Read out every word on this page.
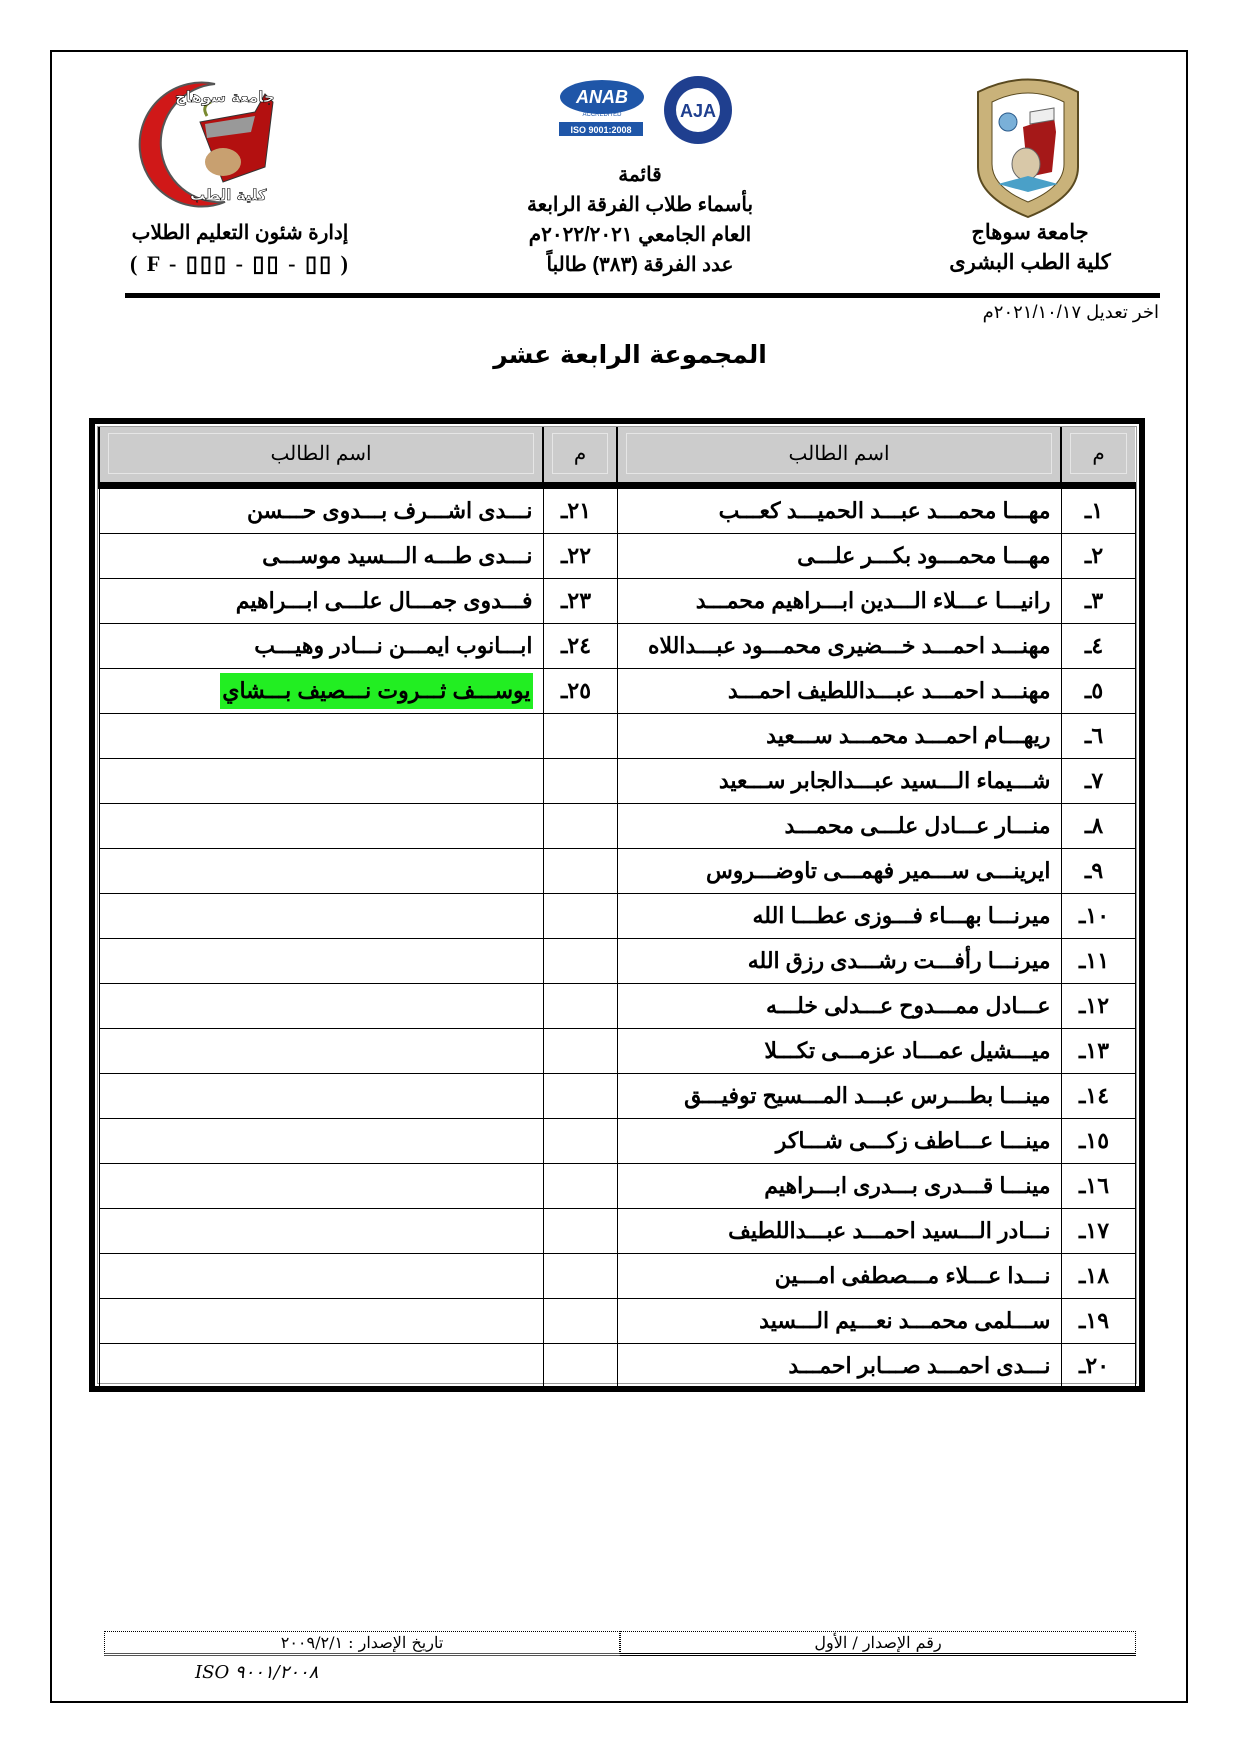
جامعة سوهاج
كلية الطب
ANAB
ACCREDITED
ISO 9001:2008
AJA
إدارة شئون التعليم الطلاب
( F - ▯▯▯ - ▯▯ - ▯▯ )
قائمة
بأسماء طلاب الفرقة الرابعة
العام الجامعي ٢٠٢٢/٢٠٢١م
عدد الفرقة (٣٨٣) طالباً
جامعة سوهاج
كلية الطب البشرى
اخر تعديل ٢٠٢١/١٠/١٧م
المجموعة الرابعة عشر
م	اسم الطالب	م	اسم الطالب

١ـ	مهـــا محمـــد عبـــد الحميـــد كعـــب	٢١ـ	نـــدى اشـــرف بـــدوى حـــسن
٢ـ	مهـــا محمـــود بكـــر علـــى	٢٢ـ	نـــدى طـــه الـــسيد موســـى
٣ـ	رانيـــا عـــلاء الـــدين ابـــراهيم محمـــد	٢٣ـ	فـــدوى جمـــال علـــى ابـــراهيم
٤ـ	مهنـــد احمـــد خـــضيرى محمـــود عبـــداللاه	٢٤ـ	ابـــانوب ايمـــن نـــادر وهيـــب
٥ـ	مهنـــد احمـــد عبـــداللطيف احمـــد	٢٥ـ	يوســـف ثـــروت نـــصيف بـــشاي
٦ـ	ريهـــام احمـــد محمـــد ســـعيد		
٧ـ	شـــيماء الـــسيد عبـــدالجابر ســـعيد		
٨ـ	منـــار عـــادل علـــى محمـــد		
٩ـ	ايرينـــى ســـمير فهمـــى تاوضـــروس		
١٠ـ	ميرنـــا بهـــاء فـــوزى عطـــا الله		
١١ـ	ميرنـــا رأفـــت رشـــدى رزق الله		
١٢ـ	عـــادل ممـــدوح عـــدلى خلـــه		
١٣ـ	ميـــشيل عمـــاد عزمـــى تكـــلا		
١٤ـ	مينـــا بطـــرس عبـــد المـــسيح توفيـــق		
١٥ـ	مينـــا عـــاطف زكـــى شـــاكر		
١٦ـ	مينـــا قـــدرى بـــدرى ابـــراهيم		
١٧ـ	نـــادر الـــسيد احمـــد عبـــداللطيف		
١٨ـ	نـــدا عـــلاء مـــصطفى امـــين		
١٩ـ	ســـلمى محمـــد نعـــيم الـــسيد		
٢٠ـ	نـــدى احمـــد صـــابر احمـــد		
رقم الإصدار / الأول
تاريخ الإصدار : ٢٠٠٩/٢/١
ISO ٩٠٠١/٢٠٠٨
